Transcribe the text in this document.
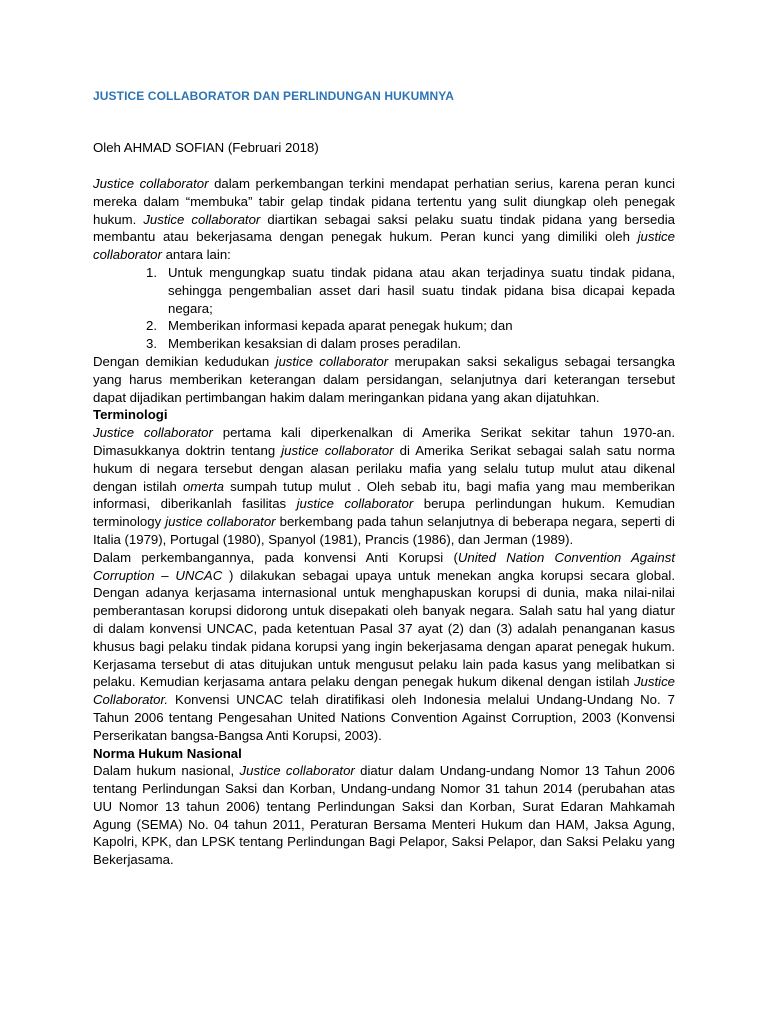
JUSTICE COLLABORATOR DAN PERLINDUNGAN HUKUMNYA

Oleh AHMAD SOFIAN (Februari 2018)

Justice collaborator dalam perkembangan terkini mendapat perhatian serius, karena peran kunci mereka dalam “membuka” tabir gelap tindak pidana tertentu yang sulit diungkap oleh penegak hukum. Justice collaborator diartikan sebagai saksi pelaku suatu tindak pidana yang bersedia membantu atau bekerjasama dengan penegak hukum. Peran kunci yang dimiliki oleh justice collaborator antara lain:

1. Untuk mengungkap suatu tindak pidana atau akan terjadinya suatu tindak pidana, sehingga pengembalian asset dari hasil suatu tindak pidana bisa dicapai kepada negara;
2. Memberikan informasi kepada aparat penegak hukum; dan
3. Memberikan kesaksian di dalam proses peradilan.

Dengan demikian kedudukan justice collaborator merupakan saksi sekaligus sebagai tersangka yang harus memberikan keterangan dalam persidangan, selanjutnya dari keterangan tersebut dapat dijadikan pertimbangan hakim dalam meringankan pidana yang akan dijatuhkan.

Terminologi

Justice collaborator pertama kali diperkenalkan di Amerika Serikat sekitar tahun 1970-an. Dimasukkanya doktrin tentang justice collaborator di Amerika Serikat sebagai salah satu norma hukum di negara tersebut dengan alasan perilaku mafia yang selalu tutup mulut atau dikenal dengan istilah omerta sumpah tutup mulut . Oleh sebab itu, bagi mafia yang mau memberikan informasi, diberikanlah fasilitas justice collaborator berupa perlindungan hukum. Kemudian terminology justice collaborator berkembang pada tahun selanjutnya di beberapa negara, seperti di Italia (1979), Portugal (1980), Spanyol (1981), Prancis (1986), dan Jerman (1989).

Dalam perkembangannya, pada konvensi Anti Korupsi (United Nation Convention Against Corruption – UNCAC ) dilakukan sebagai upaya untuk menekan angka korupsi secara global. Dengan adanya kerjasama internasional untuk menghapuskan korupsi di dunia, maka nilai-nilai pemberantasan korupsi didorong untuk disepakati oleh banyak negara. Salah satu hal yang diatur di dalam konvensi UNCAC, pada ketentuan Pasal 37 ayat (2) dan (3) adalah penanganan kasus khusus bagi pelaku tindak pidana korupsi yang ingin bekerjasama dengan aparat penegak hukum. Kerjasama tersebut di atas ditujukan untuk mengusut pelaku lain pada kasus yang melibatkan si pelaku. Kemudian kerjasama antara pelaku dengan penegak hukum dikenal dengan istilah Justice Collaborator. Konvensi UNCAC telah diratifikasi oleh Indonesia melalui Undang-Undang No. 7 Tahun 2006 tentang Pengesahan United Nations Convention Against Corruption, 2003 (Konvensi Perserikatan bangsa-Bangsa Anti Korupsi, 2003).

Norma Hukum Nasional

Dalam hukum nasional, Justice collaborator diatur dalam Undang-undang Nomor 13 Tahun 2006 tentang Perlindungan Saksi dan Korban, Undang-undang Nomor 31 tahun 2014 (perubahan atas UU Nomor 13 tahun 2006) tentang Perlindungan Saksi dan Korban, Surat Edaran Mahkamah Agung (SEMA) No. 04 tahun 2011, Peraturan Bersama Menteri Hukum dan HAM, Jaksa Agung, Kapolri, KPK, dan LPSK tentang Perlindungan Bagi Pelapor, Saksi Pelapor, dan Saksi Pelaku yang Bekerjasama.
